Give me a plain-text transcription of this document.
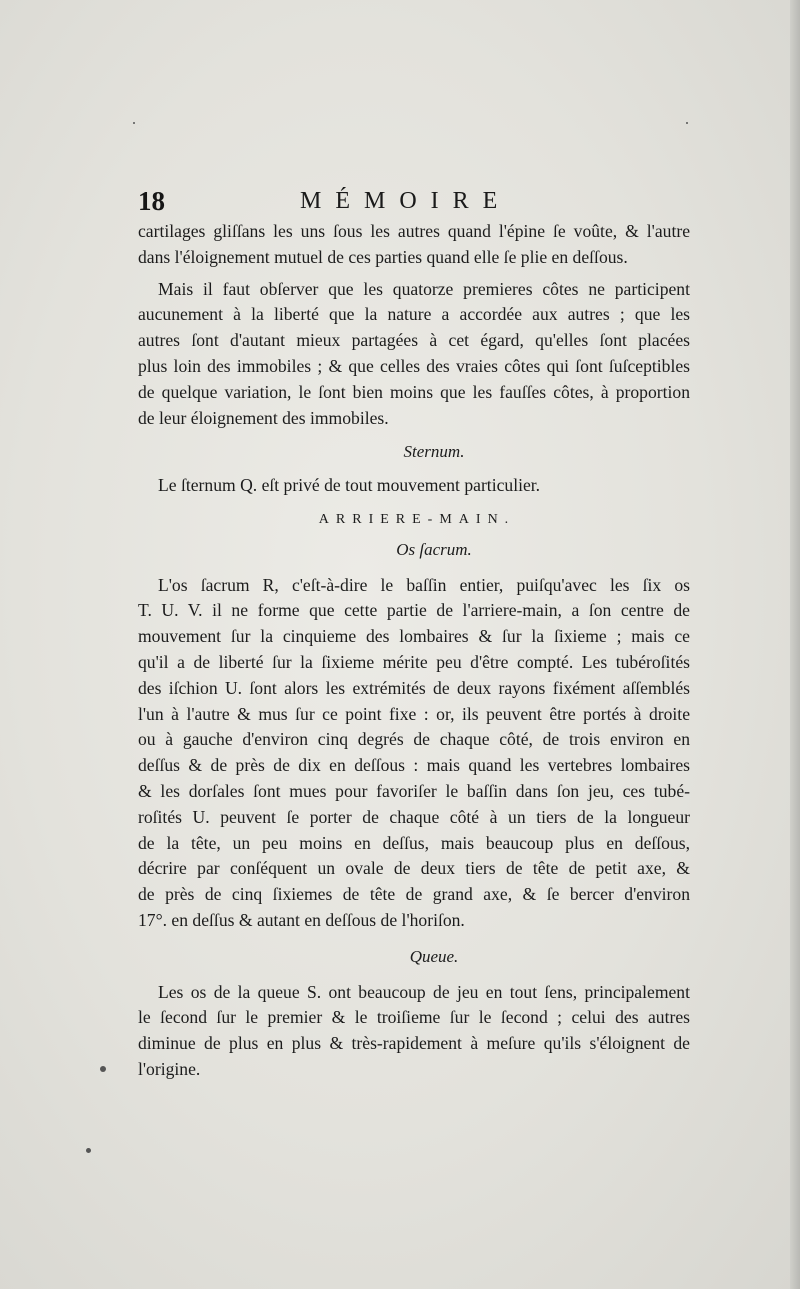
18	MÉMOIRE

cartilages gliſſans les uns ſous les autres quand l'épine ſe voûte, & l'autre

dans l'éloignement mutuel de ces parties quand elle ſe plie en deſſous.

Mais il faut obſerver que les quatorze premieres côtes ne participent

aucunement à la liberté que la nature a accordée aux autres ; que les

autres ſont d'autant mieux partagées à cet égard, qu'elles ſont placées

plus loin des immobiles ; & que celles des vraies côtes qui ſont ſuſceptibles

de quelque variation, le ſont bien moins que les fauſſes côtes, à proportion

de leur éloignement des immobiles.

Sternum.

Le ſternum Q. eſt privé de tout mouvement particulier.

ARRIERE-MAIN.

Os ſacrum.

L'os ſacrum R, c'eſt-à-dire le baſſin entier, puiſqu'avec les ſix os

T. U. V. il ne forme que cette partie de l'arriere-main, a ſon centre de

mouvement ſur la cinquieme des lombaires & ſur la ſixieme ; mais ce

qu'il a de liberté ſur la ſixieme mérite peu d'être compté. Les tubéroſités

des iſchion U. ſont alors les extrémités de deux rayons fixément aſſemblés

l'un à l'autre & mus ſur ce point fixe : or, ils peuvent être portés à droite

ou à gauche d'environ cinq degrés de chaque côté, de trois environ en

deſſus & de près de dix en deſſous : mais quand les vertebres lombaires

& les dorſales ſont mues pour favoriſer le baſſin dans ſon jeu, ces tubé-

roſités U. peuvent ſe porter de chaque côté à un tiers de la longueur

de la tête, un peu moins en deſſus, mais beaucoup plus en deſſous,

décrire par conſéquent un ovale de deux tiers de tête de petit axe, &

de près de cinq ſixiemes de tête de grand axe, & ſe bercer d'environ

17°. en deſſus & autant en deſſous de l'horiſon.

Queue.

Les os de la queue S. ont beaucoup de jeu en tout ſens, principalement

le ſecond ſur le premier & le troiſieme ſur le ſecond ; celui des autres

diminue de plus en plus & très-rapidement à meſure qu'ils s'éloignent de

l'origine.
